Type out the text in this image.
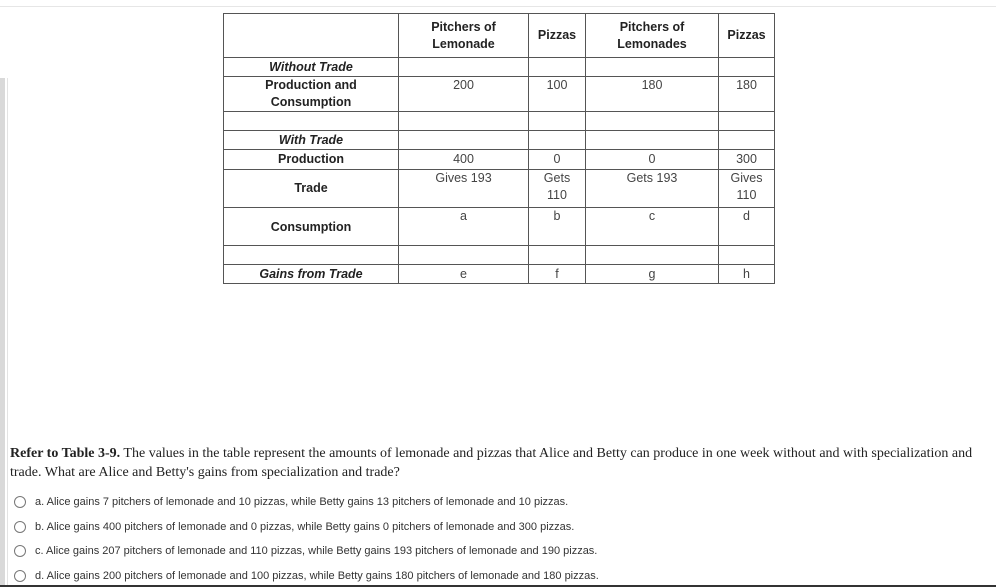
	Pitchers of Lemonade	Pizzas	Pitchers of Lemonades	Pizzas
Without Trade				
Production and Consumption	200	100	180	180

With Trade				
Production	400	0	0	300
Trade	Gives 193	Gets 110	Gets 193	Gives 110
Consumption	a	b	c	d

Gains from Trade	e	f	g	h
Refer to Table 3-9. The values in the table represent the amounts of lemonade and pizzas that Alice and Betty can produce in one week without and with specialization and trade. What are Alice and Betty's gains from specialization and trade?
a. Alice gains 7 pitchers of lemonade and 10 pizzas, while Betty gains 13 pitchers of lemonade and 10 pizzas.
b. Alice gains 400 pitchers of lemonade and 0 pizzas, while Betty gains 0 pitchers of lemonade and 300 pizzas.
c. Alice gains 207 pitchers of lemonade and 110 pizzas, while Betty gains 193 pitchers of lemonade and 190 pizzas.
d. Alice gains 200 pitchers of lemonade and 100 pizzas, while Betty gains 180 pitchers of lemonade and 180 pizzas.
